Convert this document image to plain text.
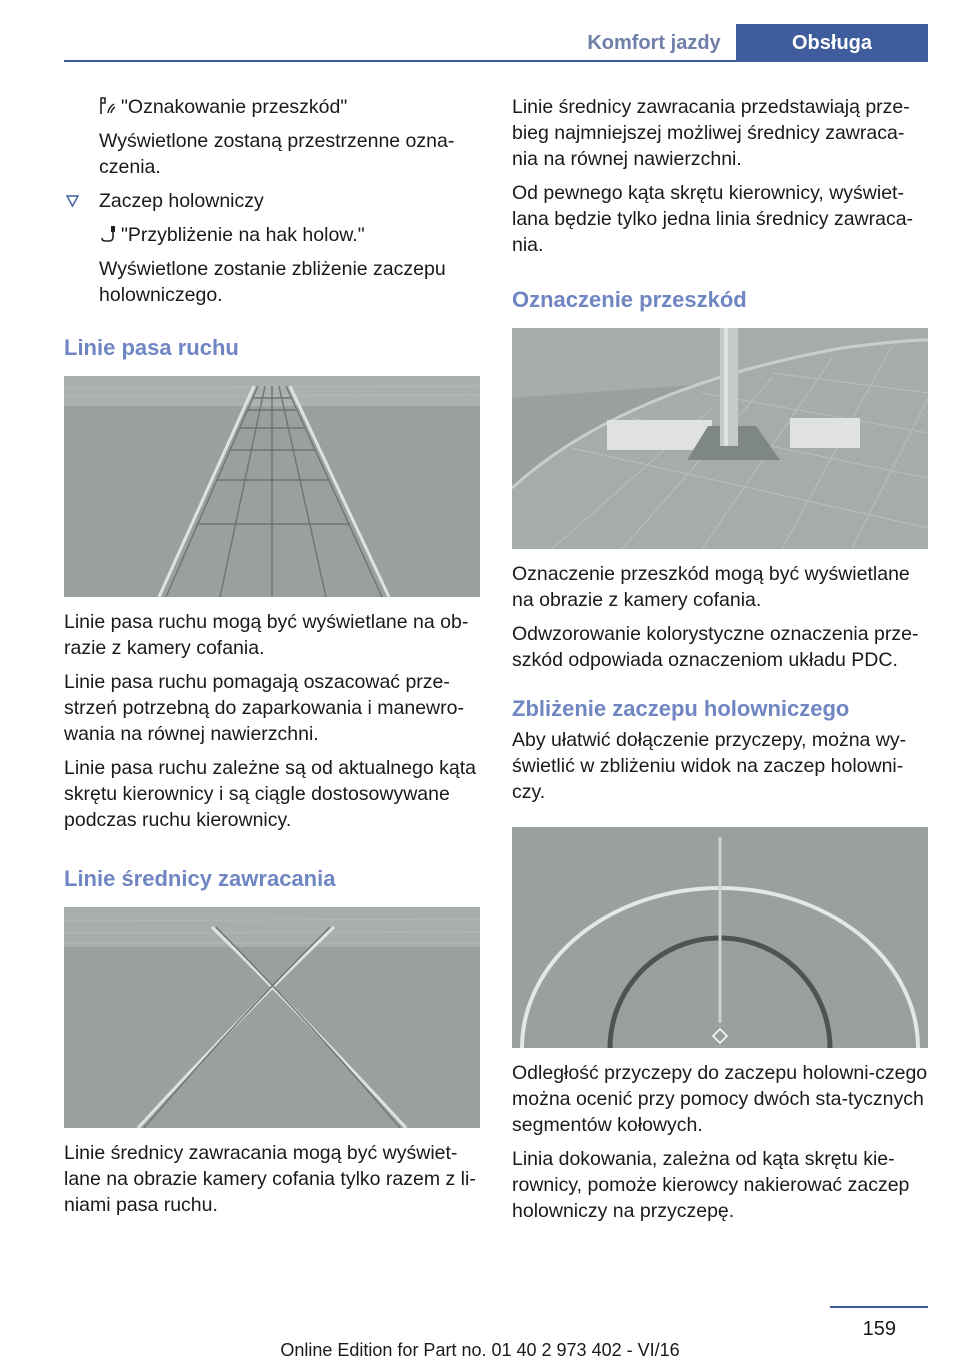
Komfort jazdy	Obsługa

"Oznakowanie przeszkód"

Wyświetlone zostaną przestrzenne ozna-czenia.

Zaczep holowniczy

"Przybliżenie na hak holow."

Wyświetlone zostanie zbliżenie zaczepu holowniczego.

Linie pasa ruchu

Linie pasa ruchu mogą być wyświetlane na ob-razie z kamery cofania.

Linie pasa ruchu pomagają oszacować prze-strzeń potrzebną do zaparkowania i manewro-wania na równej nawierzchni.

Linie pasa ruchu zależne są od aktualnego kąta skrętu kierownicy i są ciągle dostosowywane podczas ruchu kierownicy.

Linie średnicy zawracania

Linie średnicy zawracania mogą być wyświet-lane na obrazie kamery cofania tylko razem z li-niami pasa ruchu.

Linie średnicy zawracania przedstawiają prze-bieg najmniejszej możliwej średnicy zawraca-nia na równej nawierzchni.

Od pewnego kąta skrętu kierownicy, wyświet-lana będzie tylko jedna linia średnicy zawraca-nia.

Oznaczenie przeszkód

Oznaczenie przeszkód mogą być wyświetlane na obrazie z kamery cofania.

Odwzorowanie kolorystyczne oznaczenia prze-szkód odpowiada oznaczeniom układu PDC.

Zbliżenie zaczepu holowniczego

Aby ułatwić dołączenie przyczepy, można wy-świetlić w zbliżeniu widok na zaczep holowni-czy.

Odległość przyczepy do zaczepu holowni-czego można ocenić przy pomocy dwóch sta-tycznych segmentów kołowych.

Linia dokowania, zależna od kąta skrętu kie-rownicy, pomoże kierowcy nakierować zaczep holowniczy na przyczepę.

159
Online Edition for Part no. 01 40 2 973 402 - VI/16
